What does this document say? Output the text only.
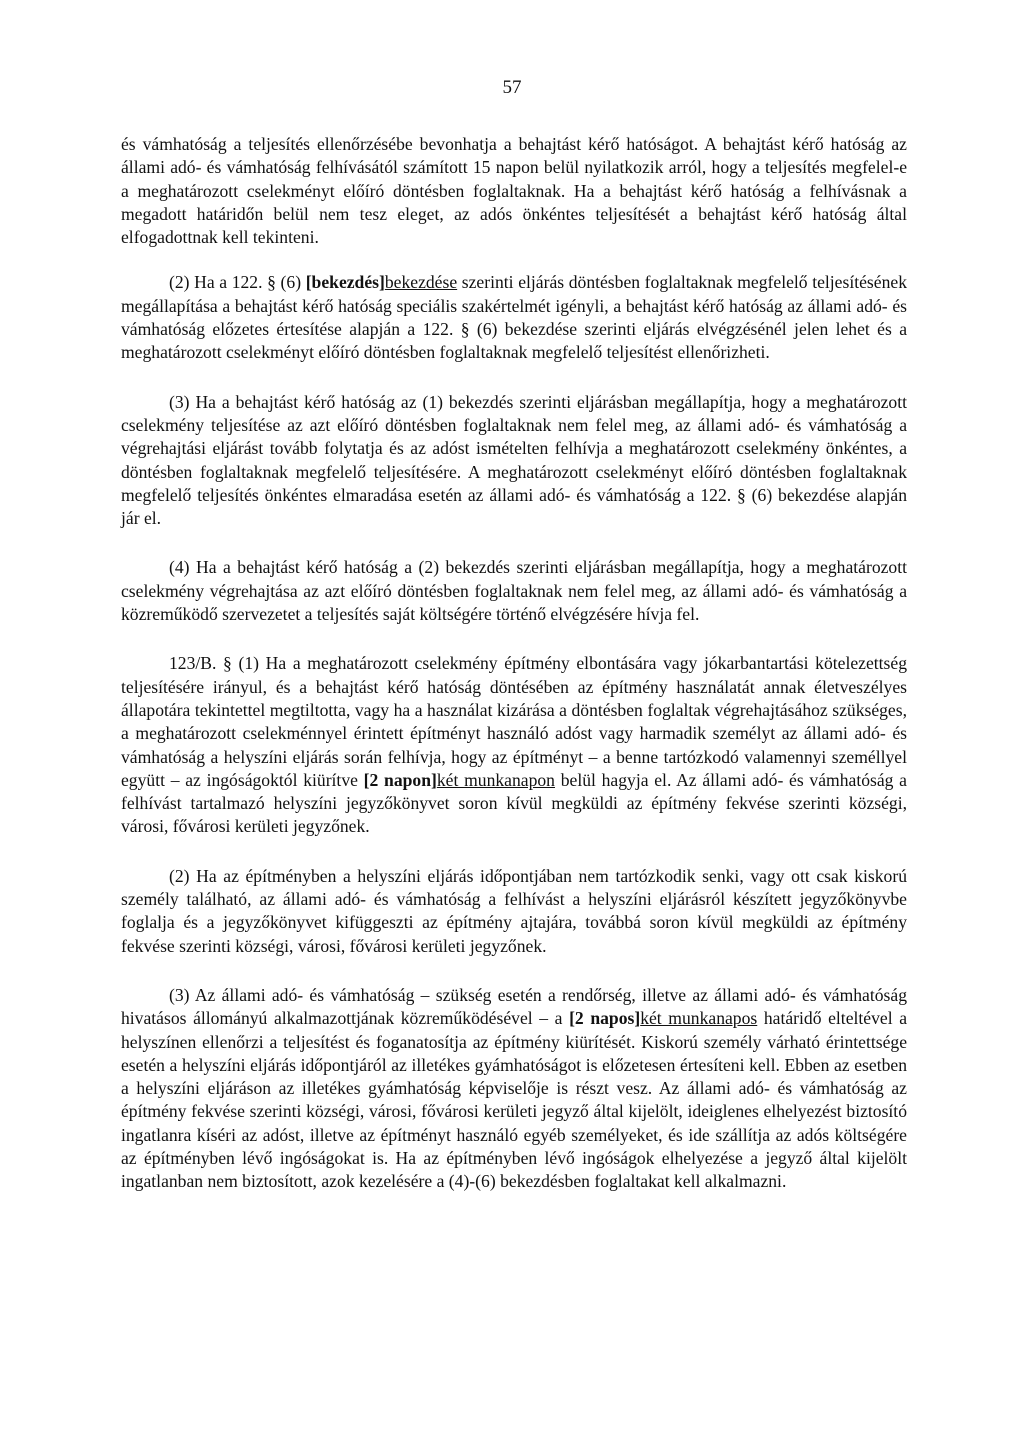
57

és vámhatóság a teljesítés ellenőrzésébe bevonhatja a behajtást kérő hatóságot. A behajtást kérő hatóság az állami adó- és vámhatóság felhívásától számított 15 napon belül nyilatkozik arról, hogy a teljesítés megfelel-e a meghatározott cselekményt előíró döntésben foglaltaknak. Ha a behajtást kérő hatóság a felhívásnak a megadott határidőn belül nem tesz eleget, az adós önkéntes teljesítését a behajtást kérő hatóság által elfogadottnak kell tekinteni.

(2) Ha a 122. § (6) [bekezdés]bekezdése szerinti eljárás döntésben foglaltaknak megfelelő teljesítésének megállapítása a behajtást kérő hatóság speciális szakértelmét igényli, a behajtást kérő hatóság az állami adó- és vámhatóság előzetes értesítése alapján a 122. § (6) bekezdése szerinti eljárás elvégzésénél jelen lehet és a meghatározott cselekményt előíró döntésben foglaltaknak megfelelő teljesítést ellenőrizheti.

(3) Ha a behajtást kérő hatóság az (1) bekezdés szerinti eljárásban megállapítja, hogy a meghatározott cselekmény teljesítése az azt előíró döntésben foglaltaknak nem felel meg, az állami adó- és vámhatóság a végrehajtási eljárást tovább folytatja és az adóst ismételten felhívja a meghatározott cselekmény önkéntes, a döntésben foglaltaknak megfelelő teljesítésére. A meghatározott cselekményt előíró döntésben foglaltaknak megfelelő teljesítés önkéntes elmaradása esetén az állami adó- és vámhatóság a 122. § (6) bekezdése alapján jár el.

(4) Ha a behajtást kérő hatóság a (2) bekezdés szerinti eljárásban megállapítja, hogy a meghatározott cselekmény végrehajtása az azt előíró döntésben foglaltaknak nem felel meg, az állami adó- és vámhatóság a közreműködő szervezetet a teljesítés saját költségére történő elvégzésére hívja fel.

123/B. § (1) Ha a meghatározott cselekmény építmény elbontására vagy jókarbantartási kötelezettség teljesítésére irányul, és a behajtást kérő hatóság döntésében az építmény használatát annak életveszélyes állapotára tekintettel megtiltotta, vagy ha a használat kizárása a döntésben foglaltak végrehajtásához szükséges, a meghatározott cselekménnyel érintett építményt használó adóst vagy harmadik személyt az állami adó- és vámhatóság a helyszíni eljárás során felhívja, hogy az építményt – a benne tartózkodó valamennyi személlyel együtt – az ingóságoktól kiürítve [2 napon]két munkanapon belül hagyja el. Az állami adó- és vámhatóság a felhívást tartalmazó helyszíni jegyzőkönyvet soron kívül megküldi az építmény fekvése szerinti községi, városi, fővárosi kerületi jegyzőnek.

(2) Ha az építményben a helyszíni eljárás időpontjában nem tartózkodik senki, vagy ott csak kiskorú személy található, az állami adó- és vámhatóság a felhívást a helyszíni eljárásról készített jegyzőkönyvbe foglalja és a jegyzőkönyvet kifüggeszti az építmény ajtajára, továbbá soron kívül megküldi az építmény fekvése szerinti községi, városi, fővárosi kerületi jegyzőnek.

(3) Az állami adó- és vámhatóság – szükség esetén a rendőrség, illetve az állami adó- és vámhatóság hivatásos állományú alkalmazottjának közreműködésével – a [2 napos]két munkanapos határidő elteltével a helyszínen ellenőrzi a teljesítést és foganatosítja az építmény kiürítését. Kiskorú személy várható érintettsége esetén a helyszíni eljárás időpontjáról az illetékes gyámhatóságot is előzetesen értesíteni kell. Ebben az esetben a helyszíni eljáráson az illetékes gyámhatóság képviselője is részt vesz. Az állami adó- és vámhatóság az építmény fekvése szerinti községi, városi, fővárosi kerületi jegyző által kijelölt, ideiglenes elhelyezést biztosító ingatlanra kíséri az adóst, illetve az építményt használó egyéb személyeket, és ide szállítja az adós költségére az építményben lévő ingóságokat is. Ha az építményben lévő ingóságok elhelyezése a jegyző által kijelölt ingatlanban nem biztosított, azok kezelésére a (4)-(6) bekezdésben foglaltakat kell alkalmazni.
